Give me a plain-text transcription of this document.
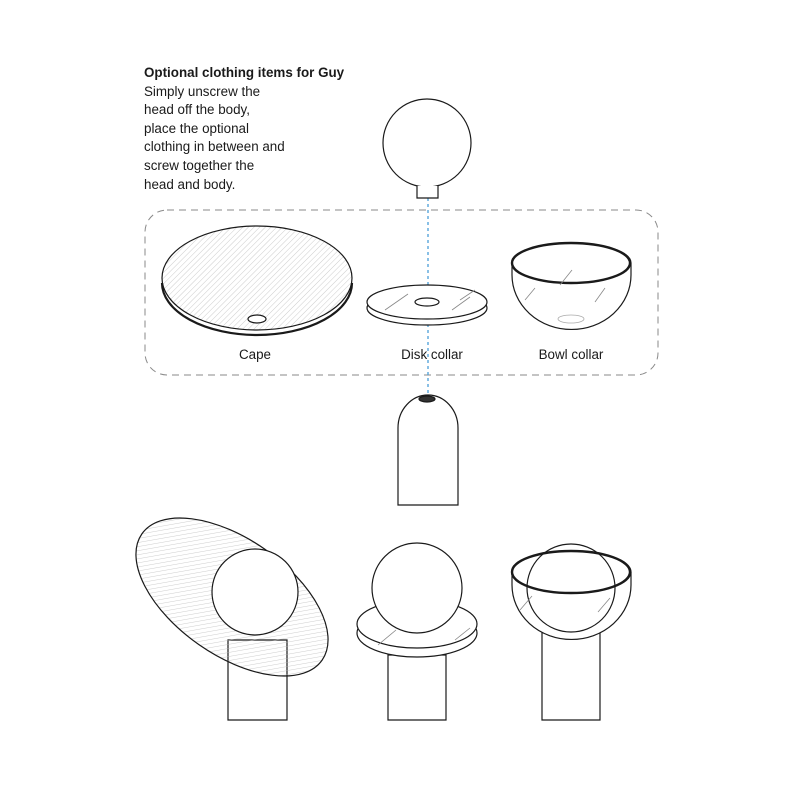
Optional clothing items for Guy
Simply unscrew the
head off the body,
place the optional
clothing in between and
screw together the
head and body.
Cape	Disk collar	Bowl collar
